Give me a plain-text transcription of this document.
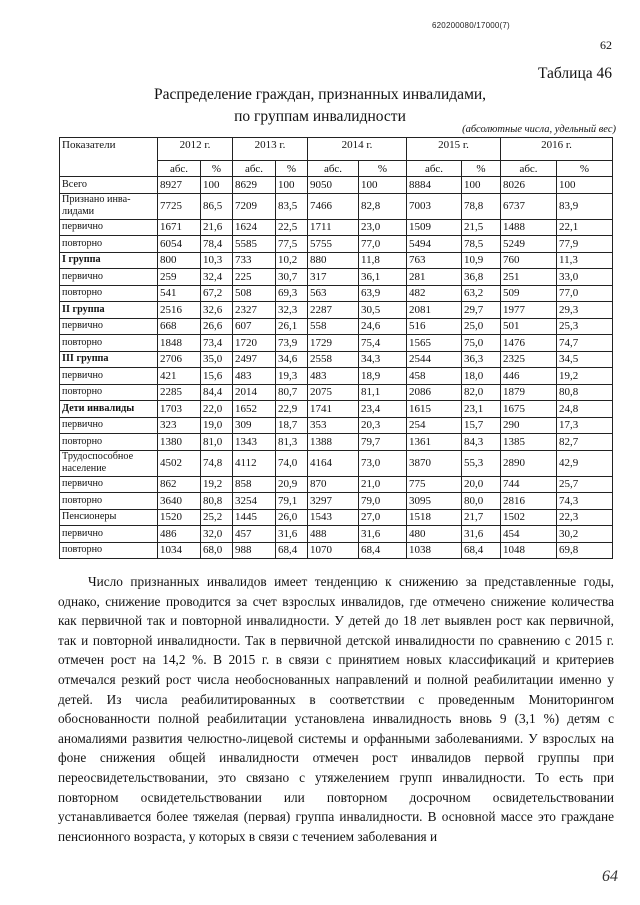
620200080/17000(7)
62
Таблица 46
Распределение граждан, признанных инвалидами,
по группам инвалидности
(абсолютные числа, удельный вес)
Показатели	2012 г.		2013 г.		2014 г.		2015 г.		2016 г.	
	абс.	%	абс.	%	абс.	%	абс.	%	абс.	%
Всего	8927	100	8629	100	9050	100	8884	100	8026	100
Признано инва-лидами	7725	86,5	7209	83,5	7466	82,8	7003	78,8	6737	83,9
первично	1671	21,6	1624	22,5	1711	23,0	1509	21,5	1488	22,1
повторно	6054	78,4	5585	77,5	5755	77,0	5494	78,5	5249	77,9
I группа	800	10,3	733	10,2	880	11,8	763	10,9	760	11,3
первично	259	32,4	225	30,7	317	36,1	281	36,8	251	33,0
повторно	541	67,2	508	69,3	563	63,9	482	63,2	509	77,0
II группа	2516	32,6	2327	32,3	2287	30,5	2081	29,7	1977	29,3
первично	668	26,6	607	26,1	558	24,6	516	25,0	501	25,3
повторно	1848	73,4	1720	73,9	1729	75,4	1565	75,0	1476	74,7
III группа	2706	35,0	2497	34,6	2558	34,3	2544	36,3	2325	34,5
первично	421	15,6	483	19,3	483	18,9	458	18,0	446	19,2
повторно	2285	84,4	2014	80,7	2075	81,1	2086	82,0	1879	80,8
Дети инвалиды	1703	22,0	1652	22,9	1741	23,4	1615	23,1	1675	24,8
первично	323	19,0	309	18,7	353	20,3	254	15,7	290	17,3
повторно	1380	81,0	1343	81,3	1388	79,7	1361	84,3	1385	82,7
Трудоспособное население	4502	74,8	4112	74,0	4164	73,0	3870	55,3	2890	42,9
первично	862	19,2	858	20,9	870	21,0	775	20,0	744	25,7
повторно	3640	80,8	3254	79,1	3297	79,0	3095	80,0	2816	74,3
Пенсионеры	1520	25,2	1445	26,0	1543	27,0	1518	21,7	1502	22,3
первично	486	32,0	457	31,6	488	31,6	480	31,6	454	30,2
повторно	1034	68,0	988	68,4	1070	68,4	1038	68,4	1048	69,8
Число признанных инвалидов имеет тенденцию к снижению за представленные годы, однако, снижение проводится за счет взрослых инвалидов, где отмечено снижение количества как первичной так и повторной инвалидности. У детей до 18 лет выявлен рост как первичной, так и повторной инвалидности. Так в первичной детской инвалидности по сравнению с 2015 г. отмечен рост на 14,2 %. В 2015 г. в связи с принятием новых классификаций и критериев отмечался резкий рост числа необоснованных направлений и полной реабилитации именно у детей. Из числа реабилитированных в соответствии с проведенным Мониторингом обоснованности полной реабилитации установлена инвалидность вновь 9 (3,1 %) детям с аномалиями развития челюстно-лицевой системы и орфанными заболеваниями. У взрослых на фоне снижения общей инвалидности отмечен рост инвалидов первой группы при переосвидетельствовании, это связано с утяжелением групп инвалидности. То есть при повторном освидетельствовании или повторном досрочном освидетельствовании устанавливается более тяжелая (первая) группа инвалидности. В основной массе это граждане пенсионного возраста, у которых в связи с течением заболевания и
64
